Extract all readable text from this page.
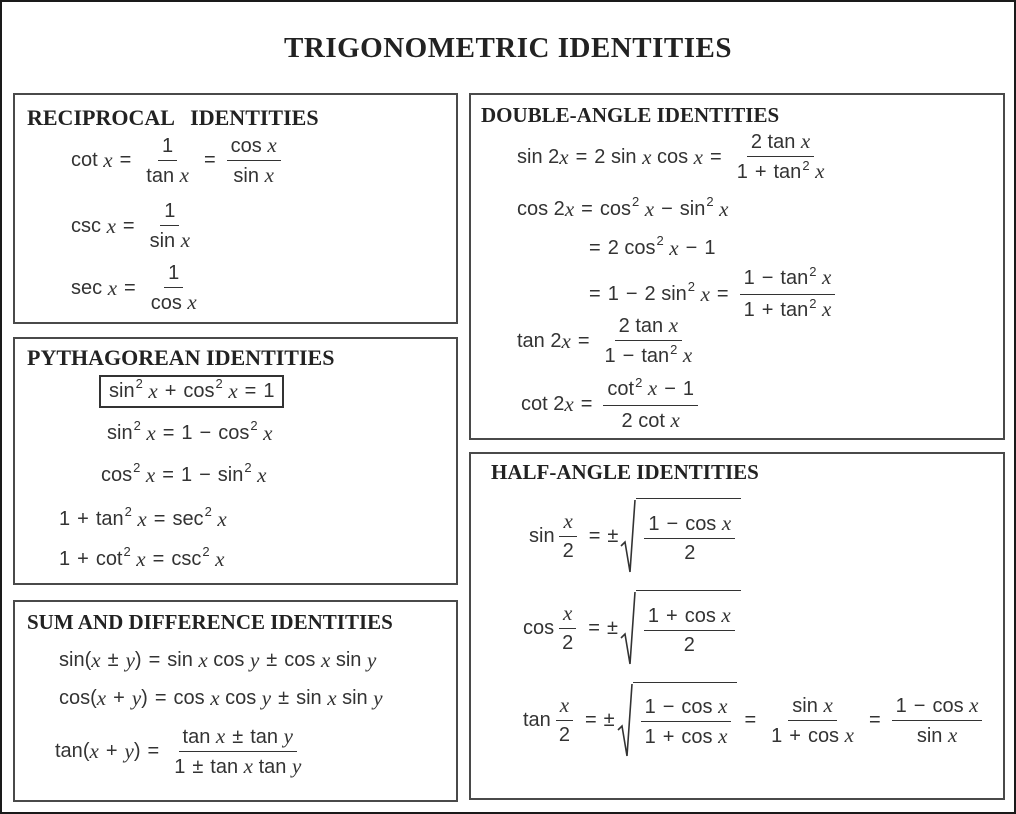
TRIGONOMETRIC IDENTITIES
RECIPROCAL   IDENTITIES
cot
$x = \frac{1}{\text{tan x}} = \frac{\text{cos x}}{\text{sin x}}$
csc
$x = \frac{1}{\text{sin x}}$
sec
$x = \frac{1}{\text{cos x}}$
PYTHAGOREAN IDENTITIES
sin 2
x + cos 2
x = 1
sin 2
x = 1 − cos 2
x
cos 2
x = 1 − sin 2
x
1 + tan 2
x = sec 2
x
1 + cot 2
x = csc 2
x
SUM AND DIFFERENCE IDENTITIES
sin ( x ± y ) = sin
x
cos
y ± cos
x
sin
y
cos ( x + y ) = cos
x
cos
y ± sin
x
sin
y
tan ( x + y ) = $\frac{\text{tan x ± tan y}}{\text{1 ± tan x tan y}}$
DOUBLE-ANGLE IDENTITIES
sin 2 x = 2
sin
x
cos
$x = \frac{\text{2 tan x}}{1 + \tan^2 x}$
cos 2 x = cos 2
x − sin 2
x
= 2
cos 2
x − 1
= 1 − 2
sin 2
$x = \frac{1 - \tan^2 x}{1 + \tan^2 x}$
tan 2 $x = \frac{\text{2 tan x}}{1 - \tan^2 x}$
cot 2 $x = \frac{\cot^2 x - 1}{\text{2 cot x}}$
HALF-ANGLE IDENTITIES
$\sin \frac{x}{2}$ = ± $\frac{\text{1 − cos x}}{2}$
$\cos \frac{x}{2}$ = ± $\frac{\text{1 + cos x}}{2}$
$\tan \frac{x}{2}$ = ± $\frac{\text{1 − cos x}}{\text{1 + cos x}} = \frac{\text{sin x}}{\text{1 + cos x}} = \frac{\text{1 − cos x}}{\text{sin x}}$
